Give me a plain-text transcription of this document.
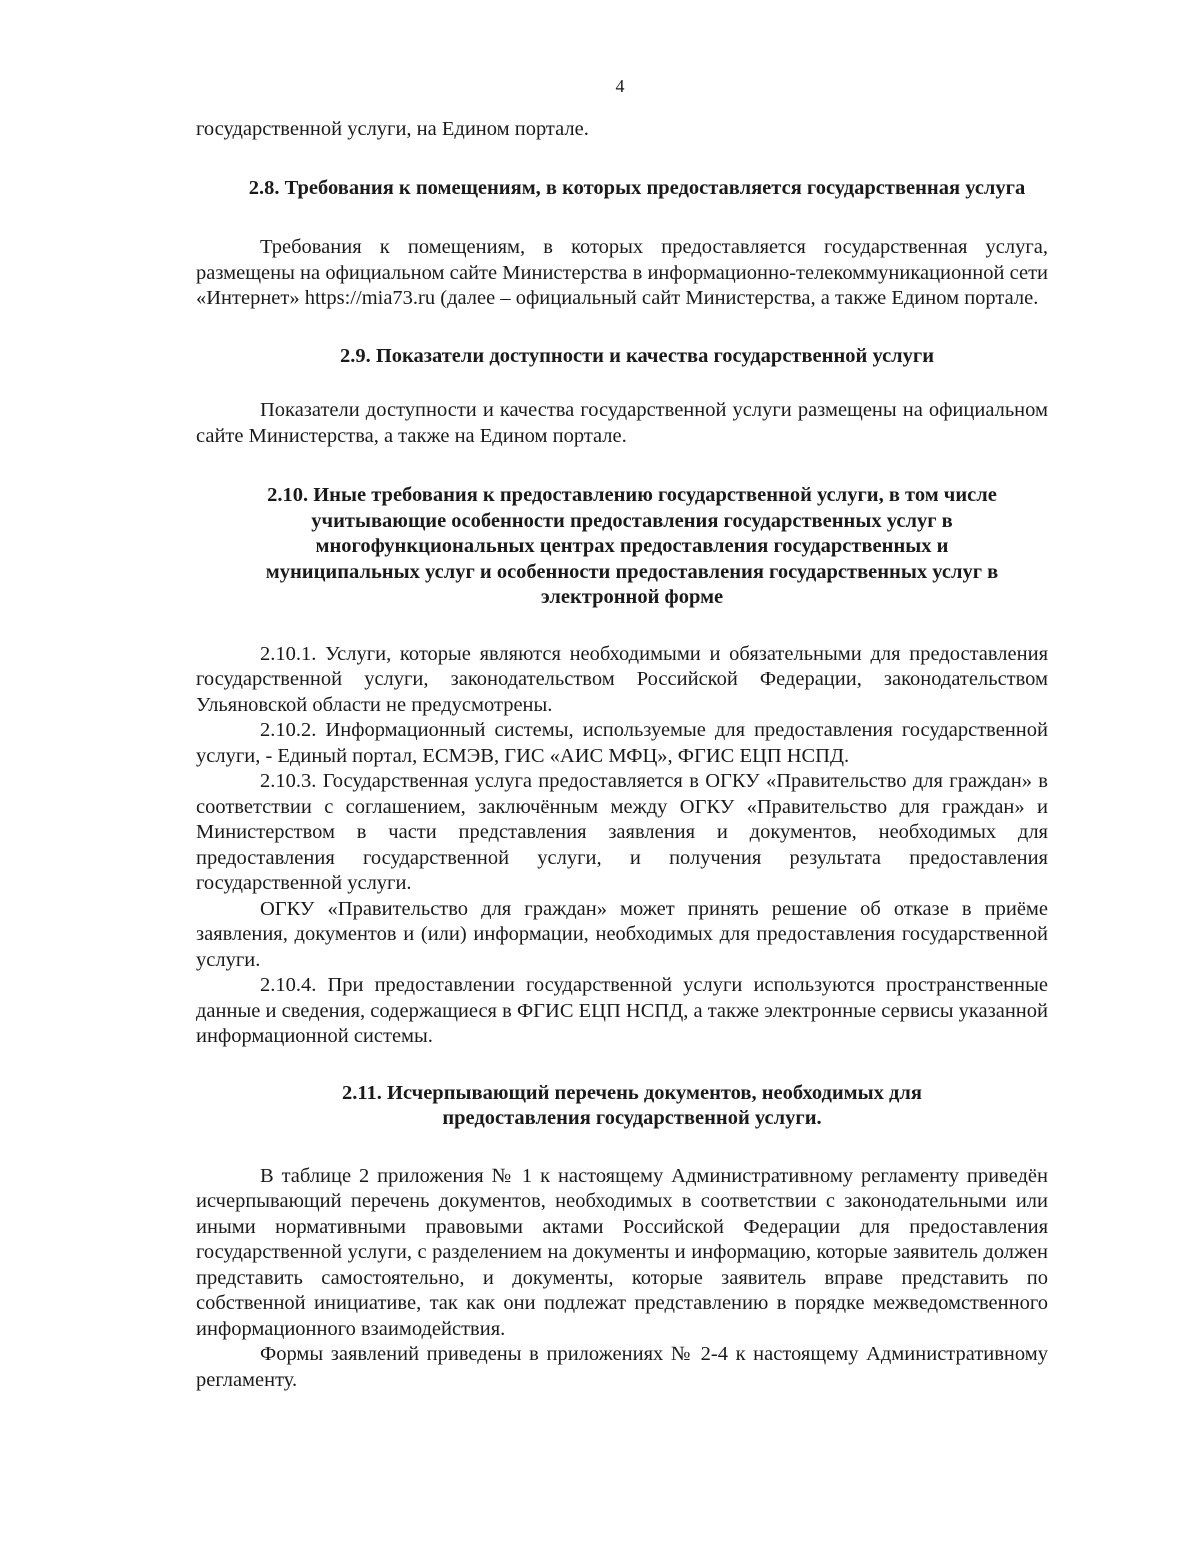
4

государственной услуги, на Едином портале.

2.8. Требования к помещениям, в которых предоставляется государственная услуга

Требования к помещениям, в которых предоставляется государственная услуга, размещены на официальном сайте Министерства в информационно-телекоммуникационной сети «Интернет» https://mia73.ru (далее – официальный сайт Министерства, а также Едином портале.

2.9. Показатели доступности и качества государственной услуги

Показатели доступности и качества государственной услуги размещены на официальном сайте Министерства, а также на Едином портале.

2.10. Иные требования к предоставлению государственной услуги, в том числе учитывающие особенности предоставления государственных услуг в многофункциональных центрах предоставления государственных и муниципальных услуг и особенности предоставления государственных услуг в электронной форме

2.10.1. Услуги, которые являются необходимыми и обязательными для предоставления государственной услуги, законодательством Российской Федерации, законодательством Ульяновской области не предусмотрены.

2.10.2. Информационный системы, используемые для предоставления государственной услуги, - Единый портал, ЕСМЭВ, ГИС «АИС МФЦ», ФГИС ЕЦП НСПД.

2.10.3. Государственная услуга предоставляется в ОГКУ «Правительство для граждан» в соответствии с соглашением, заключённым между ОГКУ «Правительство для граждан» и Министерством в части представления заявления и документов, необходимых для предоставления государственной услуги, и получения результата предоставления государственной услуги.

ОГКУ «Правительство для граждан» может принять решение об отказе в приёме заявления, документов и (или) информации, необходимых для предоставления государственной услуги.

2.10.4. При предоставлении государственной услуги используются пространственные данные и сведения, содержащиеся в ФГИС ЕЦП НСПД, а также электронные сервисы указанной информационной системы.

2.11. Исчерпывающий перечень документов, необходимых для предоставления государственной услуги.

В таблице 2 приложения № 1 к настоящему Административному регламенту приведён исчерпывающий перечень документов, необходимых в соответствии с законодательными или иными нормативными правовыми актами Российской Федерации для предоставления государственной услуги, с разделением на документы и информацию, которые заявитель должен представить самостоятельно, и документы, которые заявитель вправе представить по собственной инициативе, так как они подлежат представлению в порядке межведомственного информационного взаимодействия.

Формы заявлений приведены в приложениях № 2-4 к настоящему Административному регламенту.
